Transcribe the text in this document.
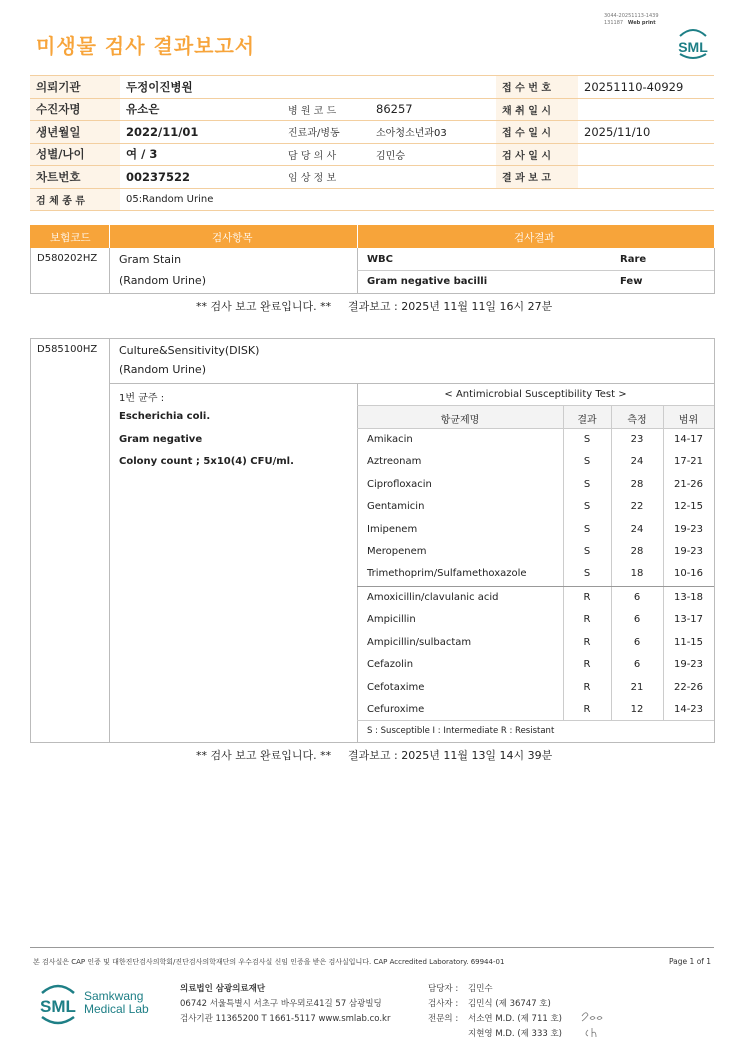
미생물 검사 결과보고서
3044-20251113-1439
131187 Web print
SML
의뢰기관	두정이진병원			접 수 번 호	20251110-40929
수진자명	유소은	병 원 코 드	86257	채 취 일 시	
생년월일	2022/11/01	진료과/병동	소아청소년과03	접 수 일 시	2025/11/10
성별/나이	여 / 3	담 당 의 사	김민승	검 사 일 시	
차트번호	00237522	임 상 정 보		결 과 보 고	
검 체 종 류	05:Random Urine				
보험코드	검사항목	검사결과
D580202HZ Gram Stain
(Random Urine)
WBC	Rare
Gram negative bacilli	Few
** 검사 보고 완료입니다. ** 결과보고 : 2025년 11월 11일 16시 27분
D585100HZ Culture&Sensitivity(DISK)
(Random Urine)
1번 균주 :
Escherichia coli.
Gram negative
Colony count ; 5x10(4) CFU/ml.
< Antimicrobial Susceptibility Test >
항균제명	결과	측정	범위
Amikacin	S	23	14-17
Aztreonam	S	24	17-21
Ciprofloxacin	S	28	21-26
Gentamicin	S	22	12-15
Imipenem	S	24	19-23
Meropenem	S	28	19-23
Trimethoprim/Sulfamethoxazole	S	18	10-16
Amoxicillin/clavulanic acid	R	6	13-18
Ampicillin	R	6	13-17
Ampicillin/sulbactam	R	6	11-15
Cefazolin	R	6	19-23
Cefotaxime	R	21	22-26
Cefuroxime	R	12	14-23
S : Susceptible I : Intermediate R : Resistant
** 검사 보고 완료입니다. ** 결과보고 : 2025년 11월 13일 14시 39분
본 검사실은 CAP 인증 및 대한진단검사의학회/진단검사의학재단의 우수검사실 신임 인증을 받은 검사실입니다. CAP Accredited Laboratory. 69944-01	Page 1 of 1
SML
Samkwang
Medical Lab
의료법인 삼광의료재단
06742 서울특별시 서초구 바우뫼로41길 57 삼광빌딩
검사기관 11365200 T 1661-5117 www.smlab.co.kr
담당자 : 김민수
검사자 : 김민식 (제 36747 호)
전문의 : 서소연 M.D. (제 711 호)
지현영 M.D. (제 333 호)
